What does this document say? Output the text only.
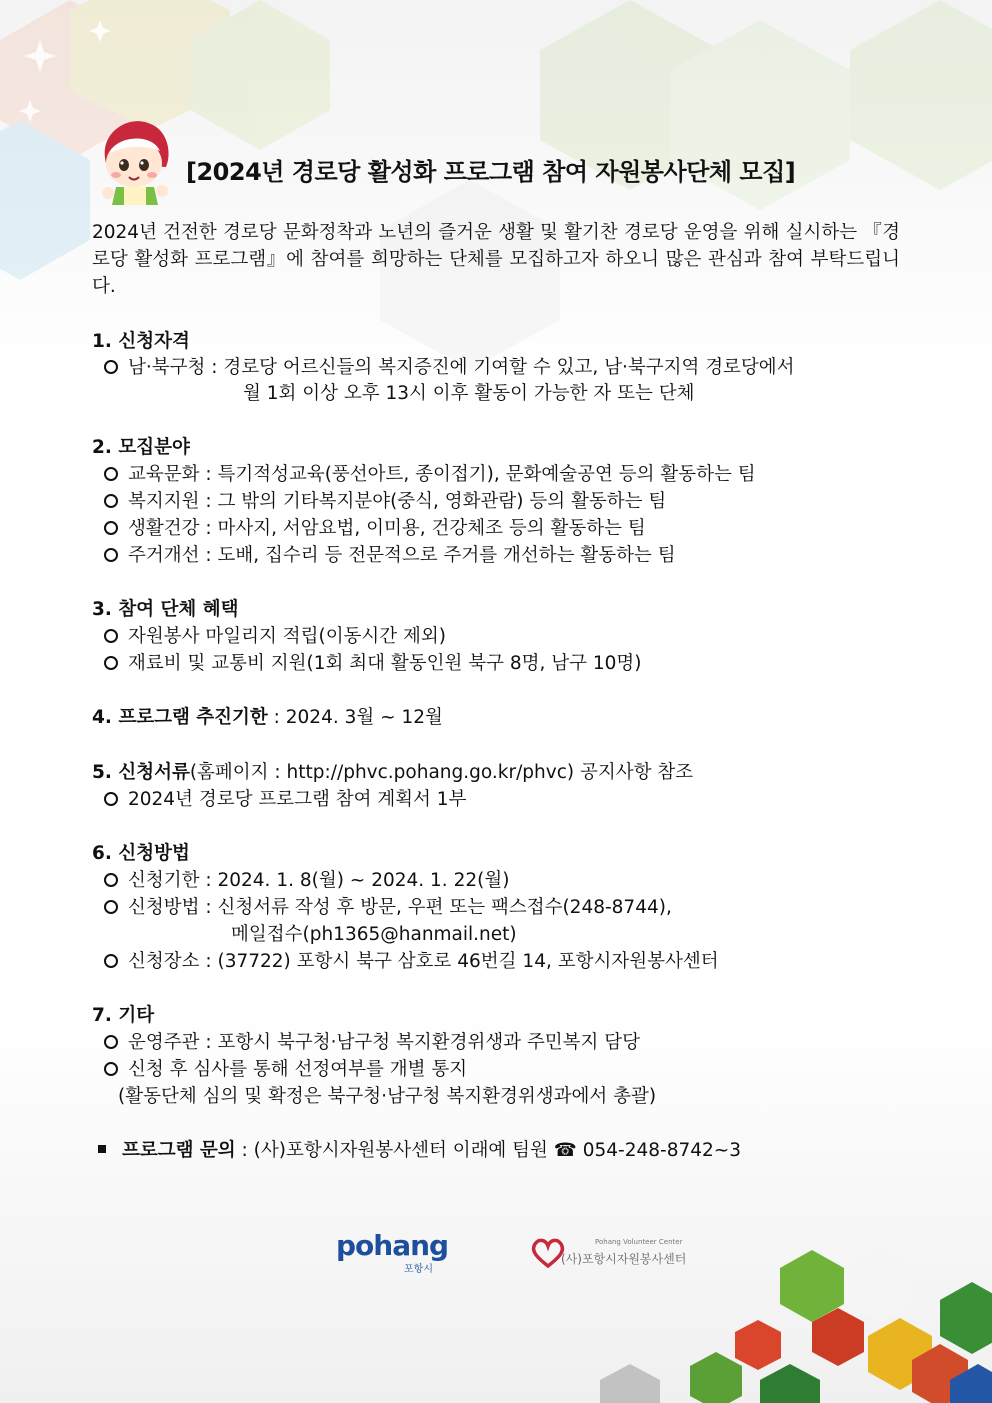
[2024년 경로당 활성화 프로그램 참여 자원봉사단체 모집]
2024년 건전한 경로당 문화정착과 노년의 즐거운 생활 및 활기찬 경로당 운영을 위해 실시하는 『경로당 활성화 프로그램』에 참여를 희망하는 단체를 모집하고자 하오니 많은 관심과 참여 부탁드립니다.
1. 신청자격
남·북구청 : 경로당 어르신들의 복지증진에 기여할 수 있고, 남·북구지역 경로당에서
월 1회 이상 오후 13시 이후 활동이 가능한 자 또는 단체
2. 모집분야
교육문화 : 특기적성교육(풍선아트, 종이접기), 문화예술공연 등의 활동하는 팀
복지지원 : 그 밖의 기타복지분야(중식, 영화관람) 등의 활동하는 팀
생활건강 : 마사지, 서암요법, 이미용, 건강체조 등의 활동하는 팀
주거개선 : 도배, 집수리 등 전문적으로 주거를 개선하는 활동하는 팀
3. 참여 단체 혜택
자원봉사 마일리지 적립(이동시간 제외)
재료비 및 교통비 지원(1회 최대 활동인원 북구 8명, 남구 10명)
4. 프로그램 추진기한 : 2024. 3월 ~ 12월
5. 신청서류(홈페이지 : http://phvc.pohang.go.kr/phvc) 공지사항 참조
2024년 경로당 프로그램 참여 계획서 1부
6. 신청방법
신청기한 : 2024. 1. 8(월) ~ 2024. 1. 22(월)
신청방법 : 신청서류 작성 후 방문, 우편 또는 팩스접수(248-8744),
메일접수(ph1365@hanmail.net)
신청장소 : (37722) 포항시 북구 삼호로 46번길 14, 포항시자원봉사센터
7. 기타
운영주관 : 포항시 북구청·남구청 복지환경위생과 주민복지 담당
신청 후 심사를 통해 선정여부를 개별 통지
(활동단체 심의 및 확정은 북구청·남구청 복지환경위생과에서 총괄)
프로그램 문의 : (사)포항시자원봉사센터 이래예 팀원 ☎ 054-248-8742~3
pohang
포항시
Pohang Volunteer Center
(사)포항시자원봉사센터
